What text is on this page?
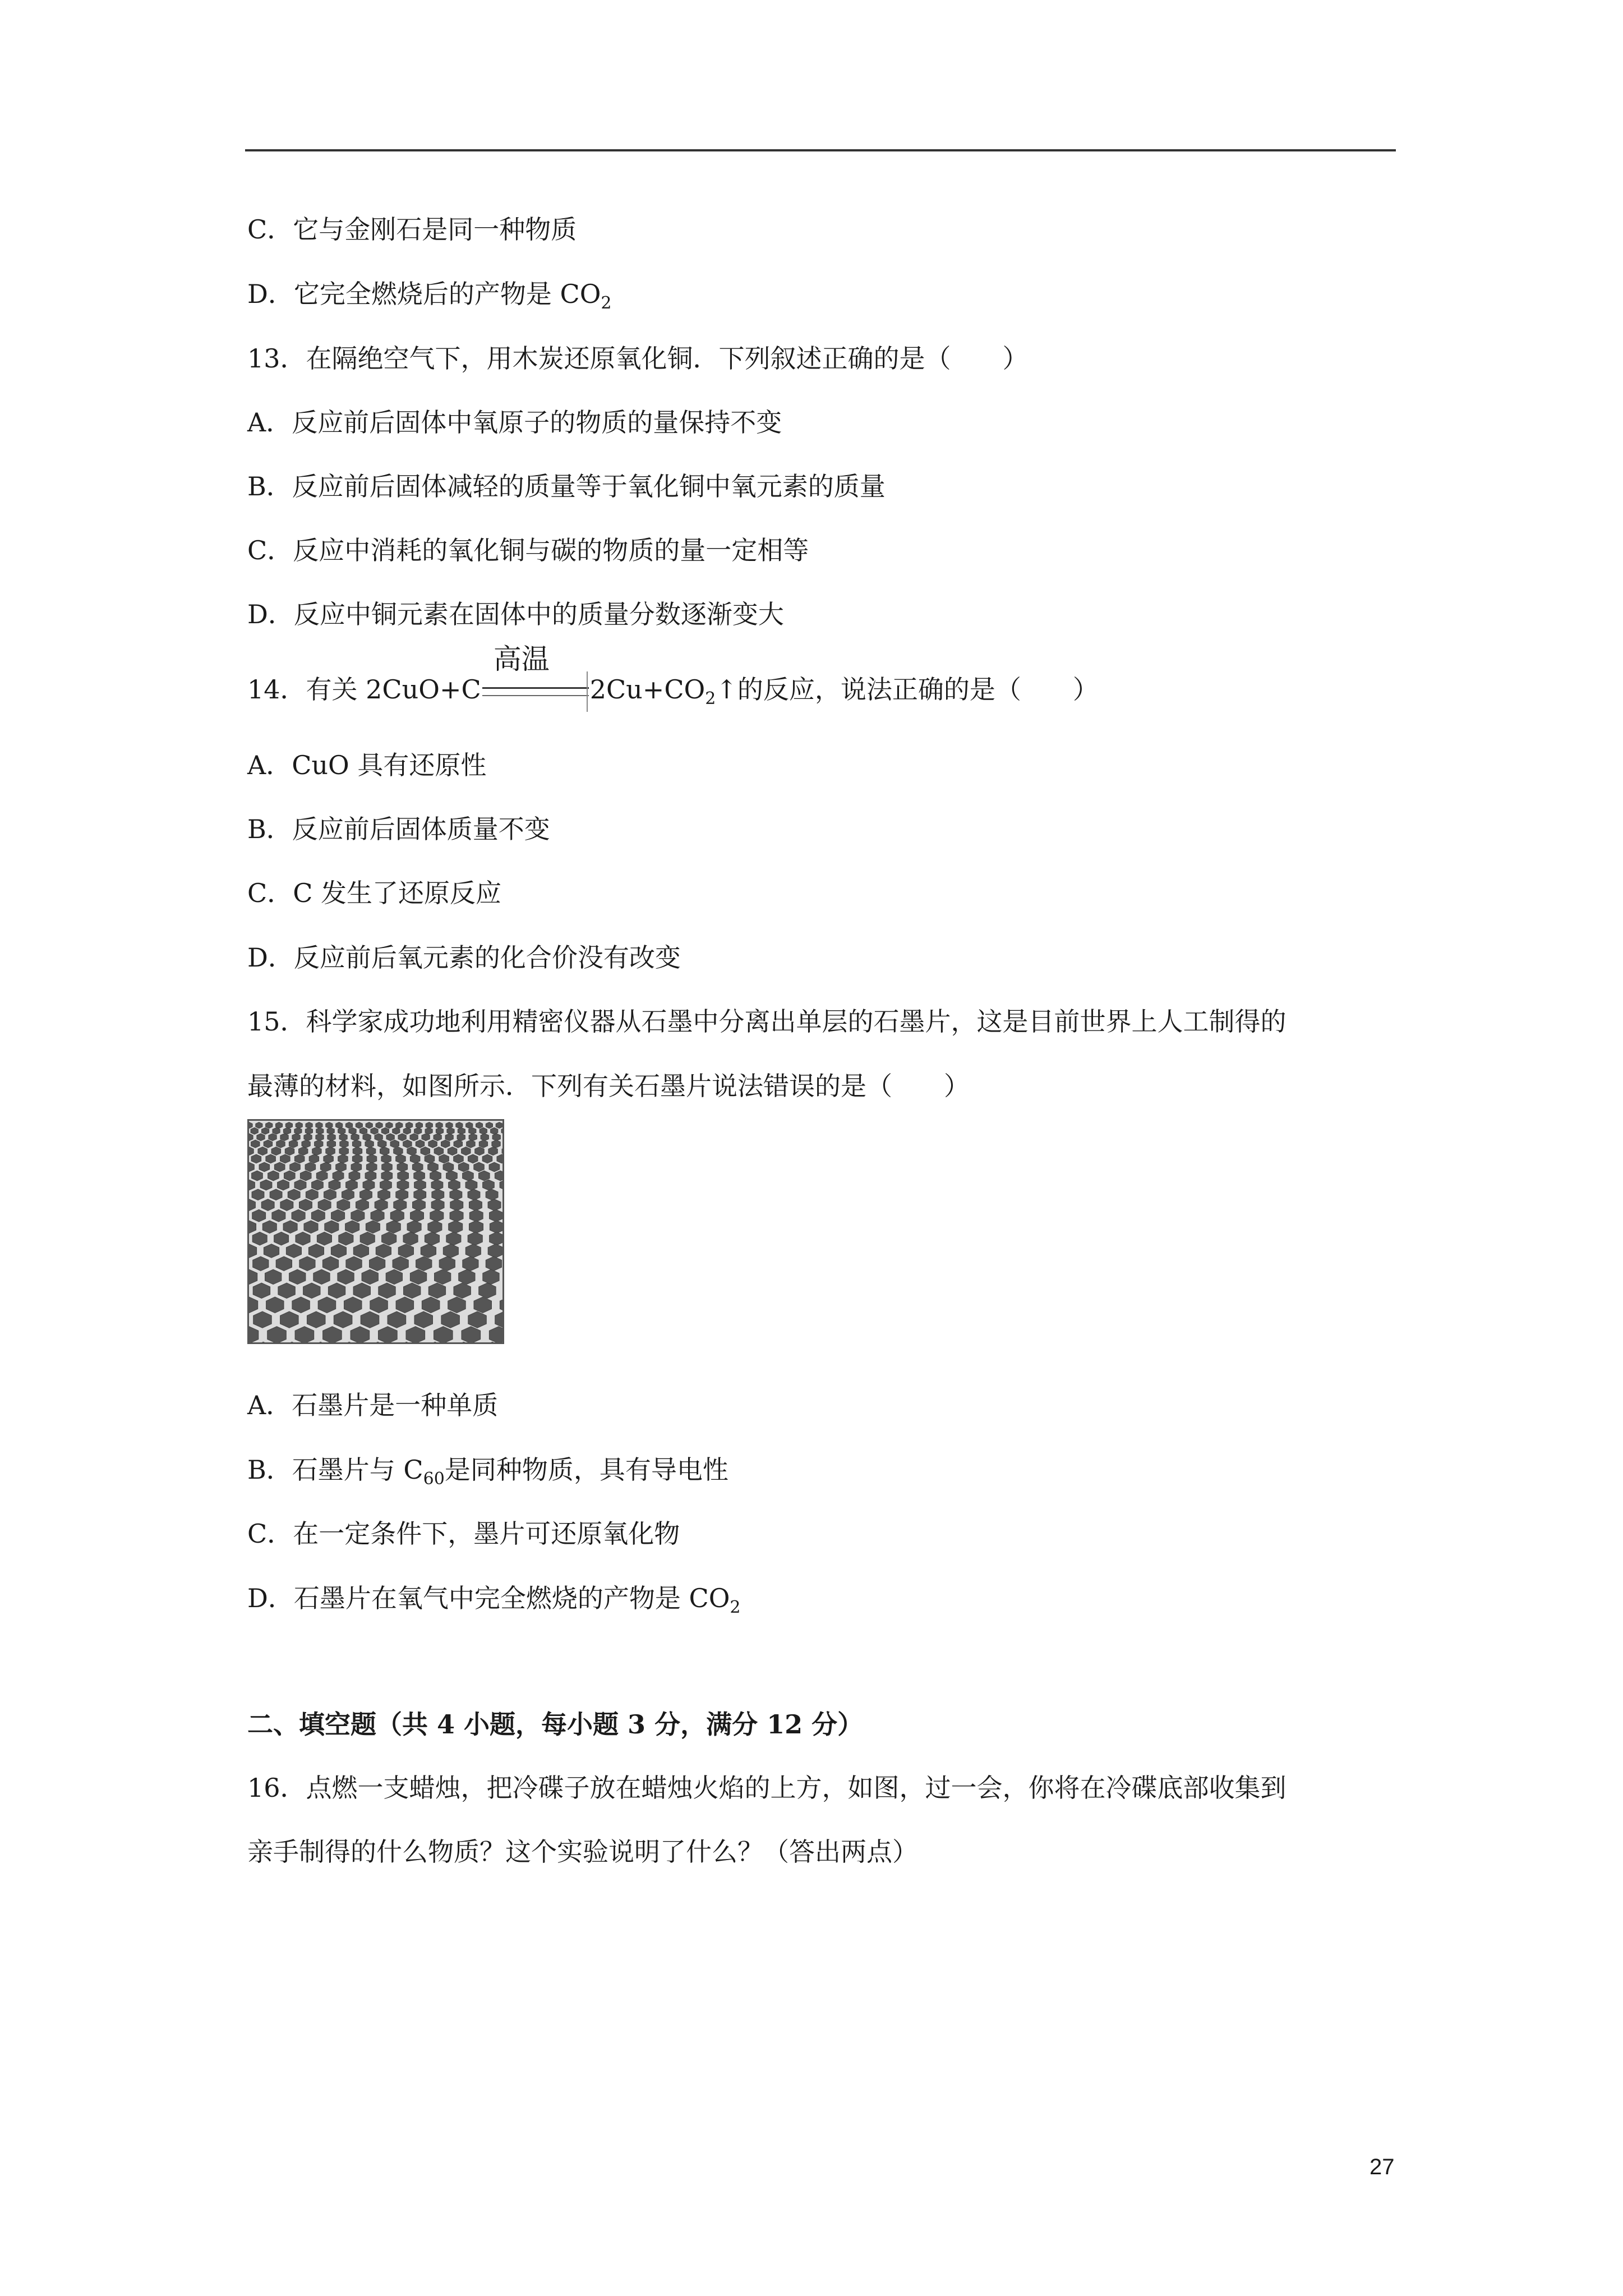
C．它与金刚石是同一种物质
D．它完全燃烧后的产物是 $CO_2$
13．在隔绝空气下，用木炭还原氧化铜．下列叙述正确的是（　　）
A．反应前后固体中氧原子的物质的量保持不变
B．反应前后固体减轻的质量等于氧化铜中氧元素的质量
C．反应中消耗的氧化铜与碳的物质的量一定相等
D．反应中铜元素在固体中的质量分数逐渐变大
14．有关 2CuO+C
高温
$2Cu+CO_2↑$的反应，说法正确的是（　　）
A．CuO 具有还原性
B．反应前后固体质量不变
C．C 发生了还原反应
D．反应前后氧元素的化合价没有改变
15．科学家成功地利用精密仪器从石墨中分离出单层的石墨片，这是目前世界上人工制得的
最薄的材料，如图所示．下列有关石墨片说法错误的是（　　）
A．石墨片是一种单质
B．石墨片与 $C_{60}$是同种物质，具有导电性
C．在一定条件下，墨片可还原氧化物
D．石墨片在氧气中完全燃烧的产物是 $CO_2$
二、填空题（共 4 小题，每小题 3 分，满分 12 分）
16．点燃一支蜡烛，把冷碟子放在蜡烛火焰的上方，如图，过一会，你将在冷碟底部收集到
亲手制得的什么物质？这个实验说明了什么？（答出两点）
27
